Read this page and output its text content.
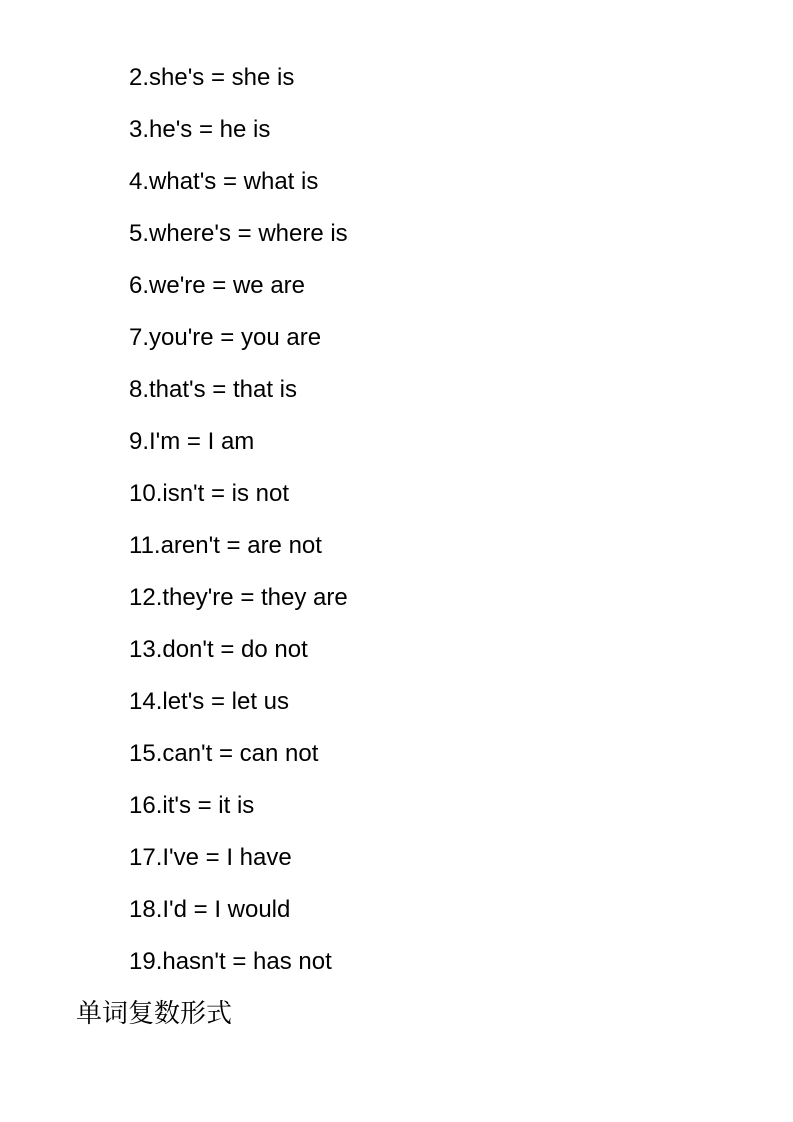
2.she's = she is
3.he's = he is
4.what's = what is
5.where's = where is
6.we're = we are
7.you're = you are
8.that's = that is
9.I'm = I am
10.isn't = is not
11.aren't = are not
12.they're = they are
13.don't = do not
14.let's = let us
15.can't = can not
16.it's = it is
17.I've = I have
18.I'd = I would
19.hasn't = has not
单词复数形式
